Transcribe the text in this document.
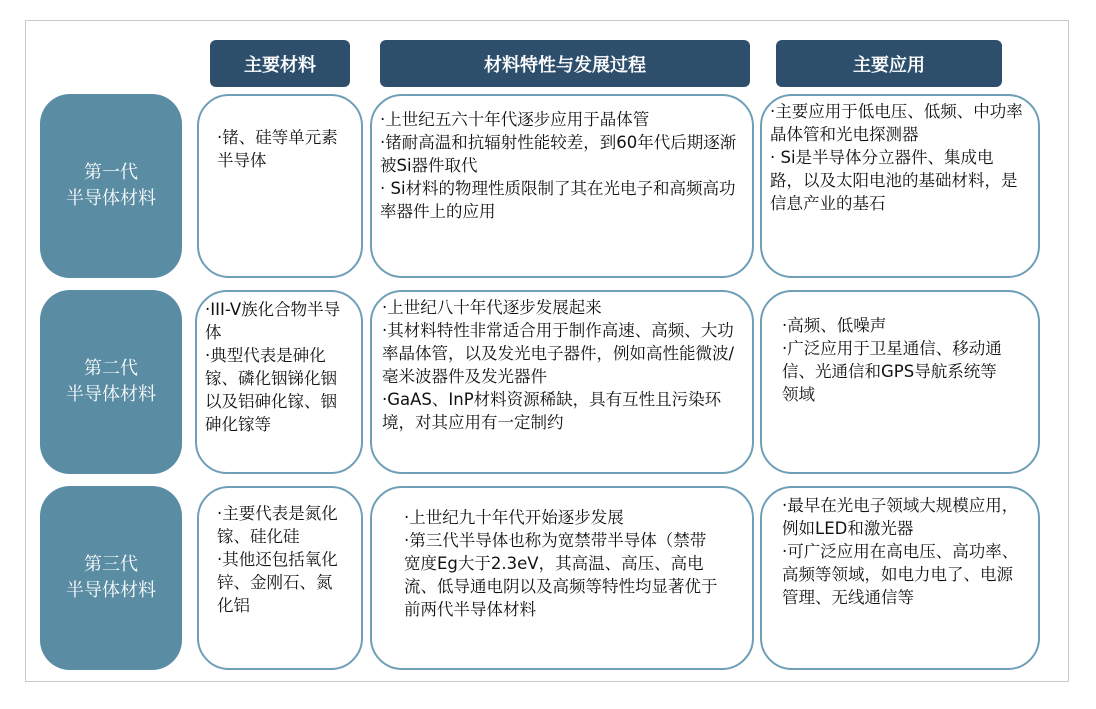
主要材料	材料特性与发展过程	主要应用
第一代
半导体材料
·锗、硅等单元素半导体
·上世纪五六十年代逐步应用于晶体管
·锗耐高温和抗辐射性能较差，到60年代后期逐渐被Si器件取代
· Si材料的物理性质限制了其在光电子和高频高功率器件上的应用
·主要应用于低电压、低频、中功率晶体管和光电探测器
· Si是半导体分立器件、集成电路，以及太阳电池的基础材料，是信息产业的基石
第二代
半导体材料
·III-V族化合物半导体
·典型代表是砷化镓、磷化铟锑化铟以及铝砷化镓、铟砷化镓等
·上世纪八十年代逐步发展起来
·其材料特性非常适合用于制作高速、高频、大功率晶体管，以及发光电子器件，例如高性能微波/毫米波器件及发光器件
·GaAS、InP材料资源稀缺，具有互性且污染环境，对其应用有一定制约
·高频、低噪声
·广泛应用于卫星通信、移动通信、光通信和GPS导航系统等领域
第三代
半导体材料
·主要代表是氮化镓、硅化硅
·其他还包括氧化锌、金刚石、氮 化铝
·上世纪九十年代开始逐步发展
·第三代半导体也称为宽禁带半导体（禁带宽度Eg大于2.3eV，其高温、高压、高电流、低导通电阴以及高频等特性均显著优于前两代半导体材料
·最早在光电子领域大规模应用，例如LED和激光器
·可广泛应用在高电压、高功率、高频等领域，如电力电了、电源管理、无线通信等
